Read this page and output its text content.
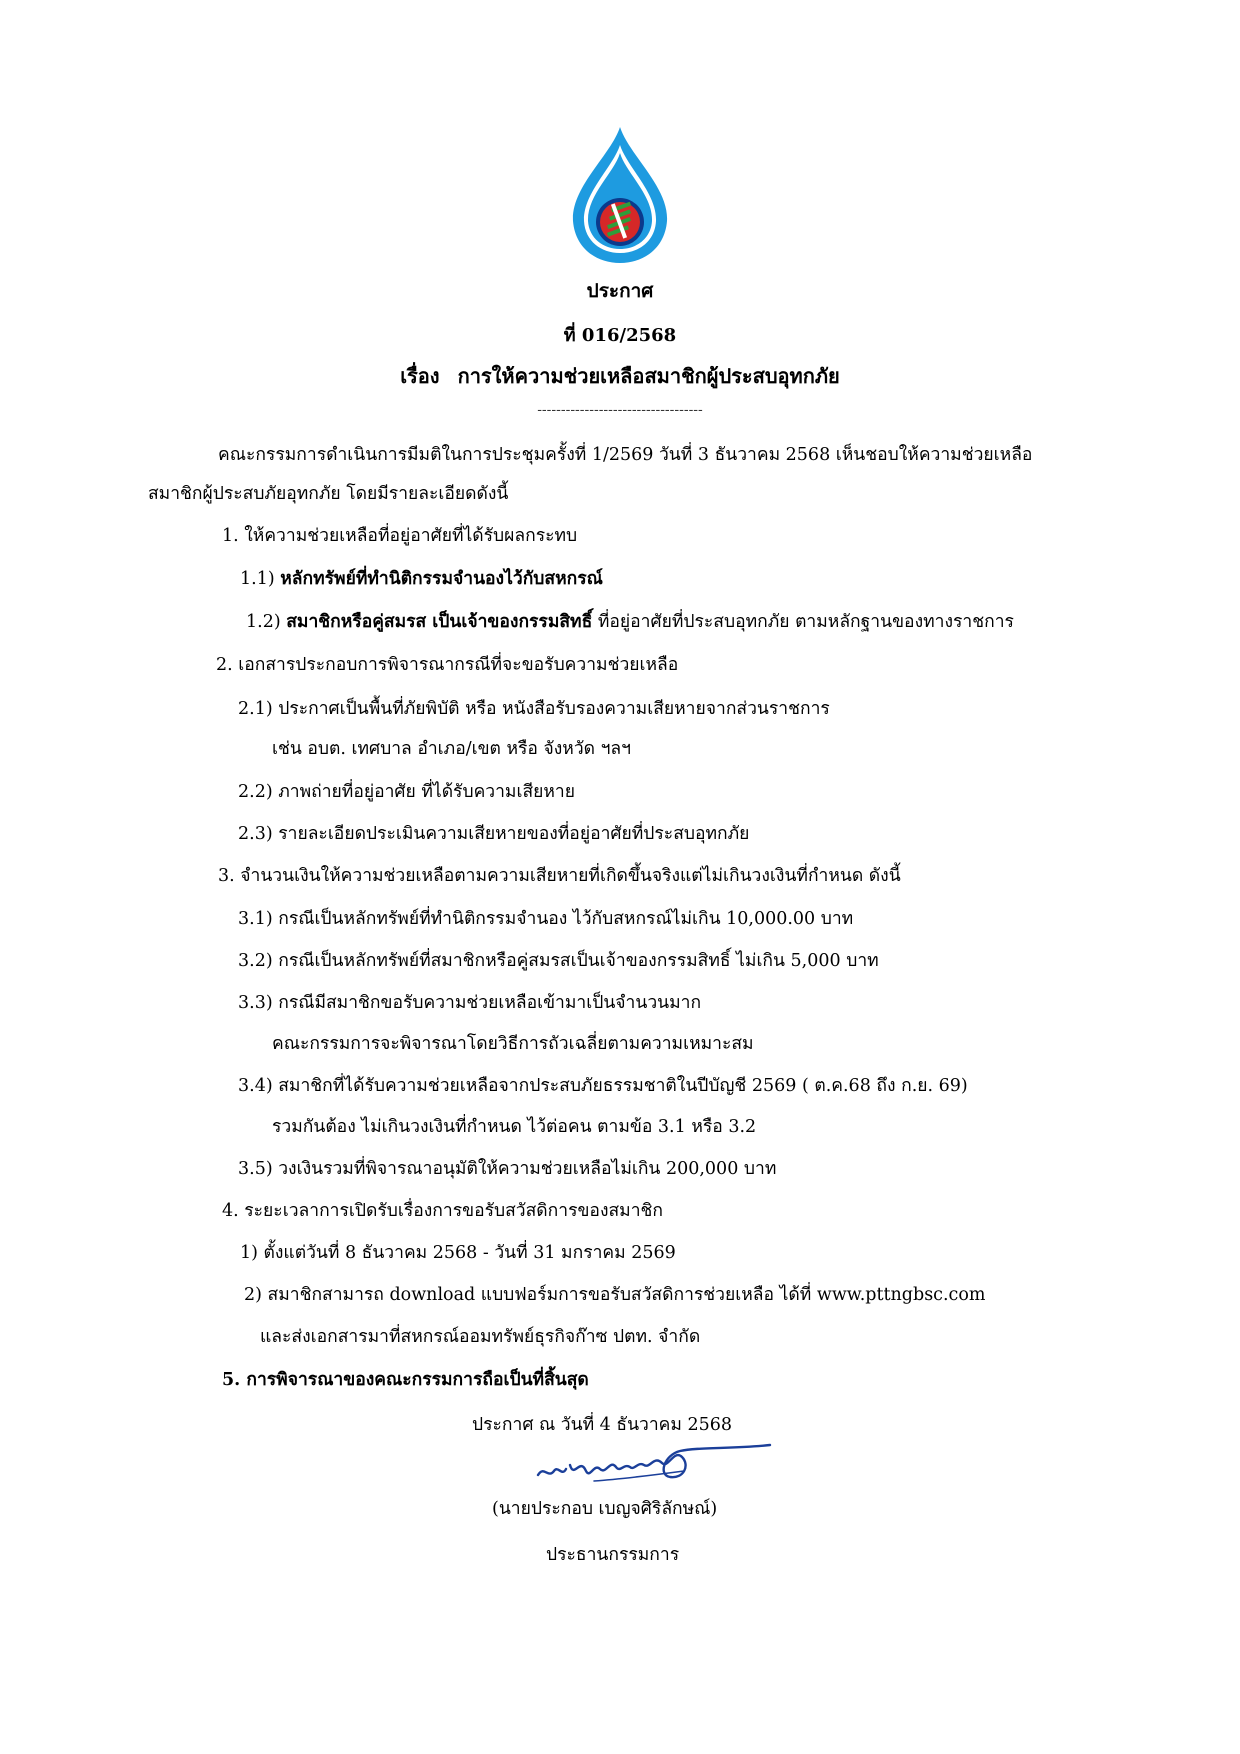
ประกาศ
ที่ 016/2568
เรื่อง การให้ความช่วยเหลือสมาชิกผู้ประสบอุทกภัย
-----------------------------------
คณะกรรมการดำเนินการมีมติในการประชุมครั้งที่ 1/2569 วันที่ 3 ธันวาคม 2568 เห็นชอบให้ความช่วยเหลือ
สมาชิกผู้ประสบภัยอุทกภัย โดยมีรายละเอียดดังนี้
1. ให้ความช่วยเหลือที่อยู่อาศัยที่ได้รับผลกระทบ
1.1) หลักทรัพย์ที่ทำนิติกรรมจำนองไว้กับสหกรณ์
1.2) สมาชิกหรือคู่สมรส เป็นเจ้าของกรรมสิทธิ์ ที่อยู่อาศัยที่ประสบอุทกภัย ตามหลักฐานของทางราชการ
2. เอกสารประกอบการพิจารณากรณีที่จะขอรับความช่วยเหลือ
2.1) ประกาศเป็นพื้นที่ภัยพิบัติ หรือ หนังสือรับรองความเสียหายจากส่วนราชการ
เช่น อบต. เทศบาล อำเภอ/เขต หรือ จังหวัด ฯลฯ
2.2) ภาพถ่ายที่อยู่อาศัย ที่ได้รับความเสียหาย
2.3) รายละเอียดประเมินความเสียหายของที่อยู่อาศัยที่ประสบอุทกภัย
3. จำนวนเงินให้ความช่วยเหลือตามความเสียหายที่เกิดขึ้นจริงแต่ไม่เกินวงเงินที่กำหนด ดังนี้
3.1) กรณีเป็นหลักทรัพย์ที่ทำนิติกรรมจำนอง ไว้กับสหกรณ์ไม่เกิน 10,000.00 บาท
3.2) กรณีเป็นหลักทรัพย์ที่สมาชิกหรือคู่สมรสเป็นเจ้าของกรรมสิทธิ์ ไม่เกิน 5,000 บาท
3.3) กรณีมีสมาชิกขอรับความช่วยเหลือเข้ามาเป็นจำนวนมาก
คณะกรรมการจะพิจารณาโดยวิธีการถัวเฉลี่ยตามความเหมาะสม
3.4) สมาชิกที่ได้รับความช่วยเหลือจากประสบภัยธรรมชาติในปีบัญชี 2569 ( ต.ค.68 ถึง ก.ย. 69)
รวมกันต้อง ไม่เกินวงเงินที่กำหนด ไว้ต่อคน ตามข้อ 3.1 หรือ 3.2
3.5) วงเงินรวมที่พิจารณาอนุมัติให้ความช่วยเหลือไม่เกิน 200,000 บาท
4. ระยะเวลาการเปิดรับเรื่องการขอรับสวัสดิการของสมาชิก
1) ตั้งแต่วันที่ 8 ธันวาคม 2568 - วันที่ 31 มกราคม 2569
2) สมาชิกสามารถ download แบบฟอร์มการขอรับสวัสดิการช่วยเหลือ ได้ที่ www.pttngbsc.com
และส่งเอกสารมาที่สหกรณ์ออมทรัพย์ธุรกิจก๊าซ ปตท. จำกัด
5. การพิจารณาของคณะกรรมการถือเป็นที่สิ้นสุด
ประกาศ ณ วันที่ 4 ธันวาคม 2568
(นายประกอบ เบญจศิริลักษณ์)
ประธานกรรมการ
